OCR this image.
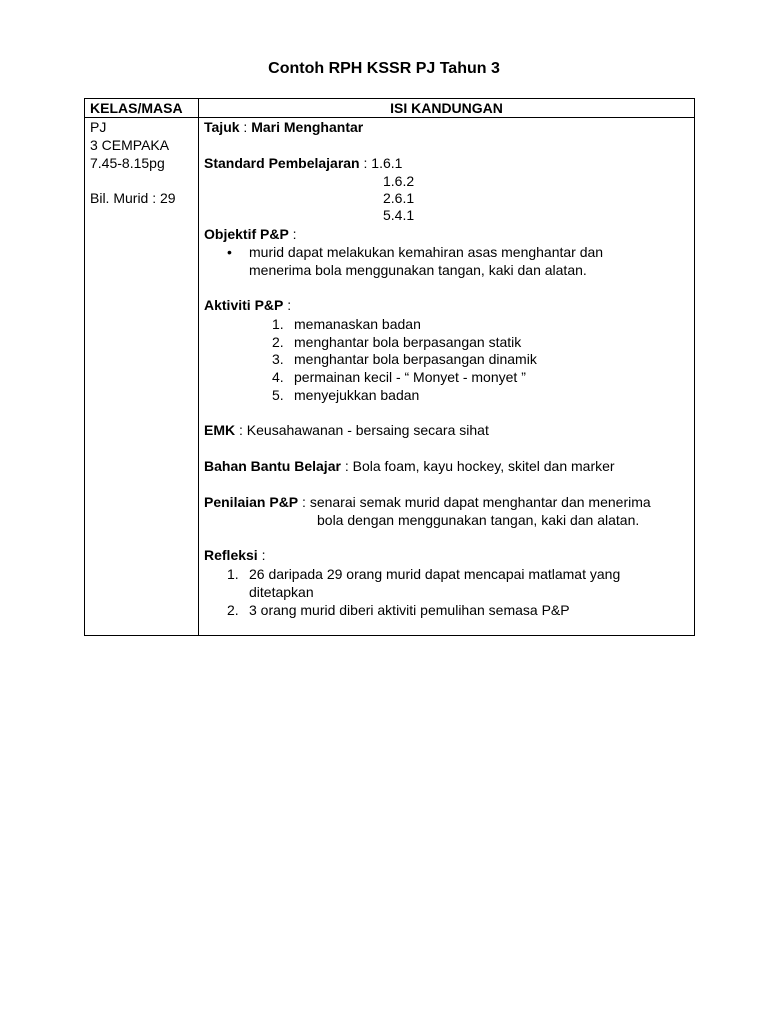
Contoh RPH KSSR PJ Tahun 3
KELAS/MASA	ISI KANDUNGAN
PJ
3 CEMPAKA
7.45-8.15pg
Bil. Murid : 29
Tajuk : Mari Menghantar
Standard Pembelajaran : 1.6.1
1.6.2
2.6.1
5.4.1
Objektif P&P :
• murid dapat melakukan kemahiran asas menghantar dan
menerima bola menggunakan tangan, kaki dan alatan.
Aktiviti P&P :
1. memanaskan badan
2. menghantar bola berpasangan statik
3. menghantar bola berpasangan dinamik
4. permainan kecil - “ Monyet - monyet ”
5. menyejukkan badan
EMK : Keusahawanan - bersaing secara sihat
Bahan Bantu Belajar : Bola foam, kayu hockey, skitel dan marker
Penilaian P&P : senarai semak murid dapat menghantar dan menerima
bola dengan menggunakan tangan, kaki dan alatan.
Refleksi :
1. 26 daripada 29 orang murid dapat mencapai matlamat yang
ditetapkan
2. 3 orang murid diberi aktiviti pemulihan semasa P&P
